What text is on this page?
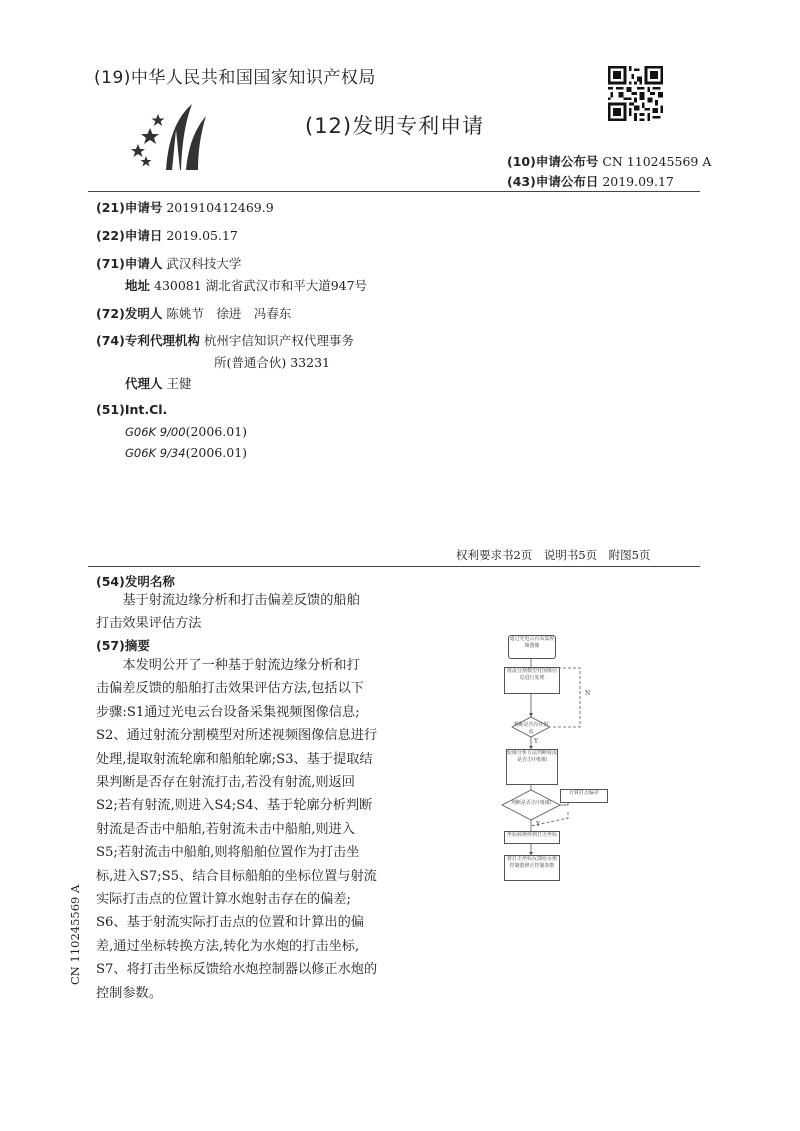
(19)中华人民共和国国家知识产权局
(12)发明专利申请
(10)申请公布号 CN 110245569 A
(43)申请公布日 2019.09.17
(21)申请号 201910412469.9
(22)申请日 2019.05.17
(71)申请人 武汉科技大学
地址 430081 湖北省武汉市和平大道947号
(72)发明人 陈姚节　徐进　冯春东
(74)专利代理机构 杭州宇信知识产权代理事务
所(普通合伙) 33231
代理人 王健
(51)Int.Cl.
G06K 9/00(2006.01)
G06K 9/34(2006.01)
权利要求书2页　说明书5页　附图5页
(54)发明名称

基于射流边缘分析和打击偏差反馈的船舶

打击效果评估方法

(57)摘要

本发明公开了一种基于射流边缘分析和打

击偏差反馈的船舶打击效果评估方法,包括以下

步骤:S1通过光电云台设备采集视频图像信息;

S2、通过射流分割模型对所述视频图像信息进行

处理,提取射流轮廓和船舶轮廓;S3、基于提取结

果判断是否存在射流打击,若没有射流,则返回

S2;若有射流,则进入S4;S4、基于轮廓分析判断

射流是否击中船舶,若射流未击中船舶,则进入

S5;若射流击中船舶,则将船舶位置作为打击坐

标,进入S7;S5、结合目标船舶的坐标位置与射流

实际打击点的位置计算水炮射击存在的偏差;

S6、基于射流实际打击点的位置和计算出的偏

差,通过坐标转换方法,转化为水炮的打击坐标,

S7、将打击坐标反馈给水炮控制器以修正水炮的

控制参数。

CN 110245569 A
通过光电云台采集视频图像
射流分割模型对图像信息进行处理
判断是否存在射流
N
Y
轮廓分析方法判断射流是否击中船舶
判断是否击中船舶
Y
计算打击偏差
坐标转换得到打击坐标
将打击坐标反馈给水炮控制器修正控制参数
